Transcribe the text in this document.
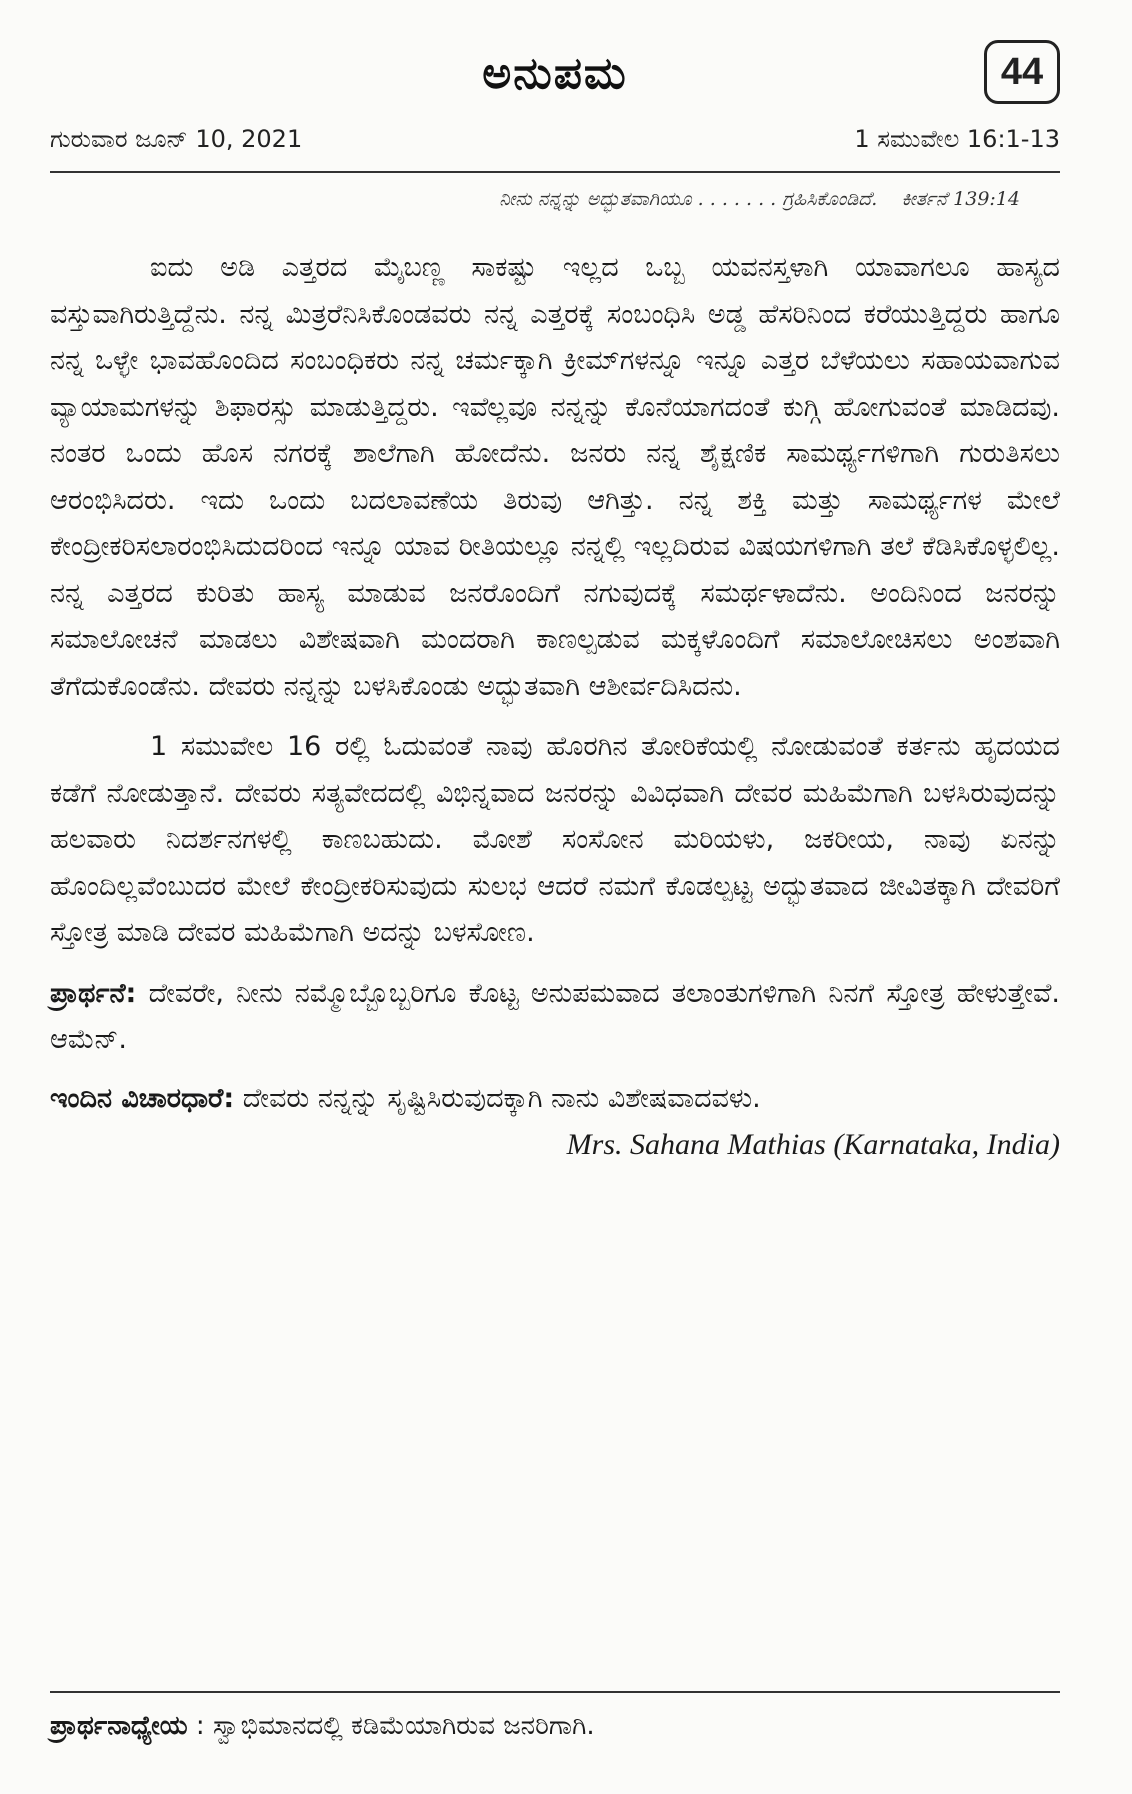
ಅನುಪಮ	44
ಗುರುವಾರ ಜೂನ್ 10, 2021	1 ಸಮುವೇಲ 16:1-13
ನೀನು ನನ್ನನ್ನು ಅದ್ಭುತವಾಗಿಯೂ . . . . . . . ಗ್ರಹಿಸಿಕೊಂಡಿದೆ. ಕೀರ್ತನೆ 139:14

ಐದು ಅಡಿ ಎತ್ತರದ ಮೈಬಣ್ಣ ಸಾಕಷ್ಟು ಇಲ್ಲದ ಒಬ್ಬ ಯವನಸ್ತಳಾಗಿ ಯಾವಾಗಲೂ ಹಾಸ್ಯದ ವಸ್ತುವಾಗಿರುತ್ತಿದ್ದೆನು. ನನ್ನ ಮಿತ್ರರೆನಿಸಿಕೊಂಡವರು ನನ್ನ ಎತ್ತರಕ್ಕೆ ಸಂಬಂಧಿಸಿ ಅಡ್ಡ ಹೆಸರಿನಿಂದ ಕರೆಯುತ್ತಿದ್ದರು ಹಾಗೂ ನನ್ನ ಒಳ್ಳೇ ಭಾವಹೊಂದಿದ ಸಂಬಂಧಿಕರು ನನ್ನ ಚರ್ಮಕ್ಕಾಗಿ ಕ್ರೀಮ್‌ಗಳನ್ನೂ ಇನ್ನೂ ಎತ್ತರ ಬೆಳೆಯಲು ಸಹಾಯವಾಗುವ ವ್ಯಾಯಾಮಗಳನ್ನು ಶಿಫಾರಸ್ಸು ಮಾಡುತ್ತಿದ್ದರು. ಇವೆಲ್ಲವೂ ನನ್ನನ್ನು ಕೊನೆಯಾಗದಂತೆ ಕುಗ್ಗಿ ಹೋಗುವಂತೆ ಮಾಡಿದವು. ನಂತರ ಒಂದು ಹೊಸ ನಗರಕ್ಕೆ ಶಾಲೆಗಾಗಿ ಹೋದೆನು. ಜನರು ನನ್ನ ಶೈಕ್ಷಣಿಕ ಸಾಮರ್ಥ್ಯಗಳಿಗಾಗಿ ಗುರುತಿಸಲು ಆರಂಭಿಸಿದರು. ಇದು ಒಂದು ಬದಲಾವಣೆಯ ತಿರುವು ಆಗಿತ್ತು. ನನ್ನ ಶಕ್ತಿ ಮತ್ತು ಸಾಮರ್ಥ್ಯಗಳ ಮೇಲೆ ಕೇಂದ್ರೀಕರಿಸಲಾರಂಭಿಸಿದುದರಿಂದ ಇನ್ನೂ ಯಾವ ರೀತಿಯಲ್ಲೂ ನನ್ನಲ್ಲಿ ಇಲ್ಲದಿರುವ ವಿಷಯಗಳಿಗಾಗಿ ತಲೆ ಕೆಡಿಸಿಕೊಳ್ಳಲಿಲ್ಲ. ನನ್ನ ಎತ್ತರದ ಕುರಿತು ಹಾಸ್ಯ ಮಾಡುವ ಜನರೊಂದಿಗೆ ನಗುವುದಕ್ಕೆ ಸಮರ್ಥಳಾದೆನು. ಅಂದಿನಿಂದ ಜನರನ್ನು ಸಮಾಲೋಚನೆ ಮಾಡಲು ವಿಶೇಷವಾಗಿ ಮಂದರಾಗಿ ಕಾಣಲ್ಪಡುವ ಮಕ್ಕಳೊಂದಿಗೆ ಸಮಾಲೋಚಿಸಲು ಅಂಶವಾಗಿ ತೆಗೆದುಕೊಂಡೆನು. ದೇವರು ನನ್ನನ್ನು ಬಳಸಿಕೊಂಡು ಅದ್ಭುತವಾಗಿ ಆಶೀರ್ವದಿಸಿದನು.

1 ಸಮುವೇಲ 16 ರಲ್ಲಿ ಓದುವಂತೆ ನಾವು ಹೊರಗಿನ ತೋರಿಕೆಯಲ್ಲಿ ನೋಡುವಂತೆ ಕರ್ತನು ಹೃದಯದ ಕಡೆಗೆ ನೋಡುತ್ತಾನೆ. ದೇವರು ಸತ್ಯವೇದದಲ್ಲಿ ವಿಭಿನ್ನವಾದ ಜನರನ್ನು ವಿವಿಧವಾಗಿ ದೇವರ ಮಹಿಮೆಗಾಗಿ ಬಳಸಿರುವುದನ್ನು ಹಲವಾರು ನಿದರ್ಶನಗಳಲ್ಲಿ ಕಾಣಬಹುದು. ಮೋಶೆ ಸಂಸೋನ ಮರಿಯಳು, ಜಕರೀಯ, ನಾವು ಏನನ್ನು ಹೊಂದಿಲ್ಲವೆಂಬುದರ ಮೇಲೆ ಕೇಂದ್ರೀಕರಿಸುವುದು ಸುಲಭ ಆದರೆ ನಮಗೆ ಕೊಡಲ್ಪಟ್ಟ ಅದ್ಭುತವಾದ ಜೀವಿತಕ್ಕಾಗಿ ದೇವರಿಗೆ ಸ್ತೋತ್ರ ಮಾಡಿ ದೇವರ ಮಹಿಮೆಗಾಗಿ ಅದನ್ನು ಬಳಸೋಣ.

ಪ್ರಾರ್ಥನೆ: ದೇವರೇ, ನೀನು ನಮ್ಮೊಬ್ಬೊಬ್ಬರಿಗೂ ಕೊಟ್ಟ ಅನುಪಮವಾದ ತಲಾಂತುಗಳಿಗಾಗಿ ನಿನಗೆ ಸ್ತೋತ್ರ ಹೇಳುತ್ತೇವೆ. ಆಮೆನ್.

ಇಂದಿನ ವಿಚಾರಧಾರೆ: ದೇವರು ನನ್ನನ್ನು ಸೃಷ್ಟಿಸಿರುವುದಕ್ಕಾಗಿ ನಾನು ವಿಶೇಷವಾದವಳು.
Mrs. Sahana Mathias (Karnataka, India)

ಪ್ರಾರ್ಥನಾಧ್ಯೇಯ : ಸ್ವಾಭಿಮಾನದಲ್ಲಿ ಕಡಿಮೆಯಾಗಿರುವ ಜನರಿಗಾಗಿ.
